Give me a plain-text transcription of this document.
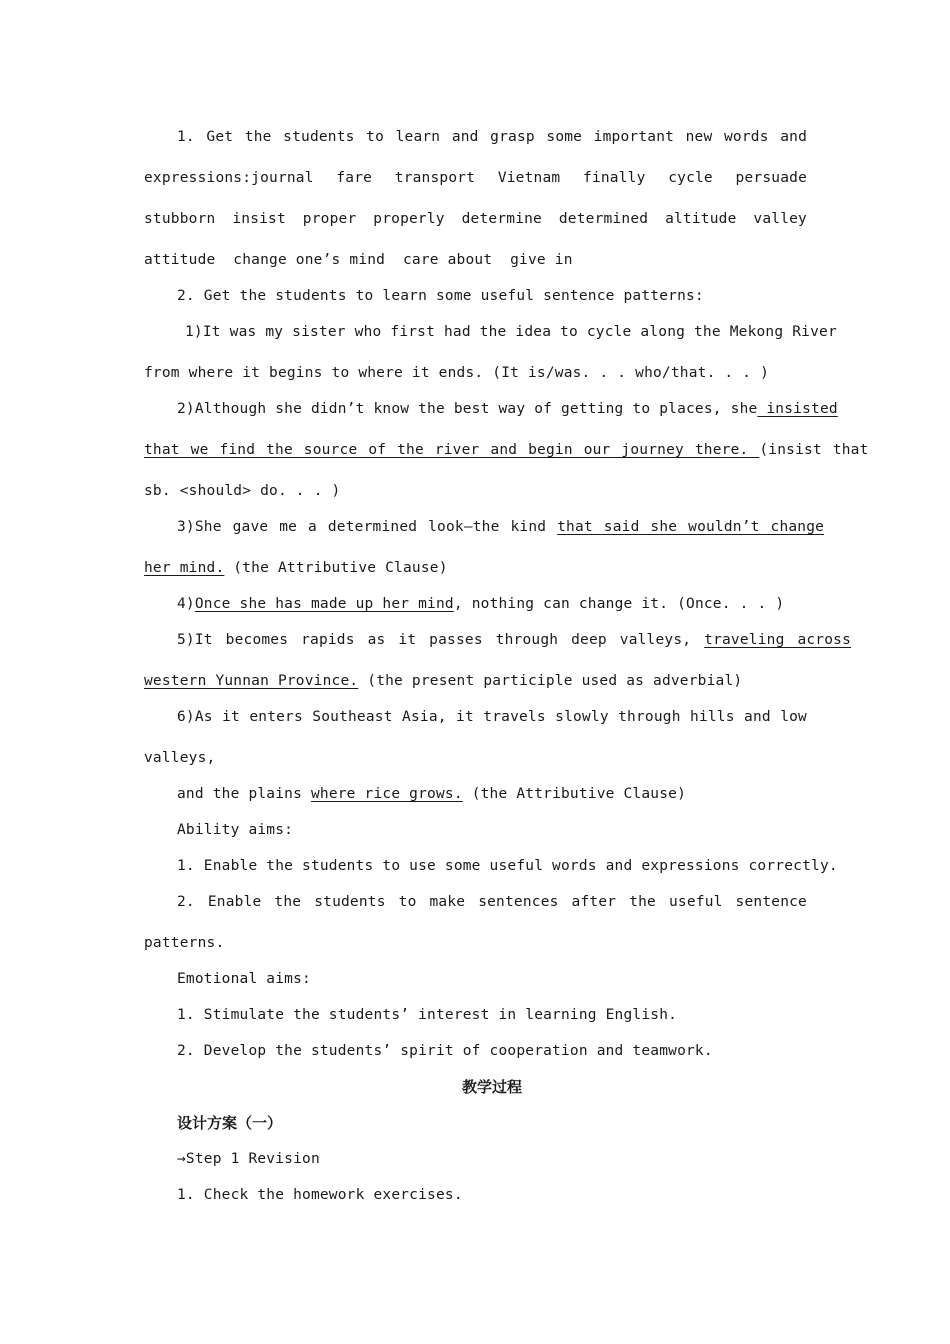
1. Get the students to learn and grasp some important new words and
expressions:journal fare transport Vietnam finally cycle persuade
stubborn insist proper properly determine determined altitude valley
attitude  change one’s mind  care about  give in
2. Get the students to learn some useful sentence patterns:
1)It was my sister who first had the idea to cycle along the Mekong River
from where it begins to where it ends. (It is/was. . . who/that. . . )
2)Although she didn’t know the best way of getting to places, she insisted
that we find the source of the river and begin our journey there. (insist that
sb. <should> do. . . )
3)She gave me a determined look—the kind that said she wouldn’t change
her mind. (the Attributive Clause)
4)Once she has made up her mind, nothing can change it. (Once. . . )
5)It becomes rapids as it passes through deep valleys, traveling across
western Yunnan Province. (the present participle used as adverbial)
6)As it enters Southeast Asia, it travels slowly through hills and low
valleys,
and the plains where rice grows. (the Attributive Clause)
Ability aims:
1. Enable the students to use some useful words and expressions correctly.
2. Enable the students to make sentences after the useful sentence
patterns.
Emotional aims:
1. Stimulate the students’ interest in learning English.
2. Develop the students’ spirit of cooperation and teamwork.
教学过程
设计方案（一）
→Step 1 Revision
1. Check the homework exercises.
